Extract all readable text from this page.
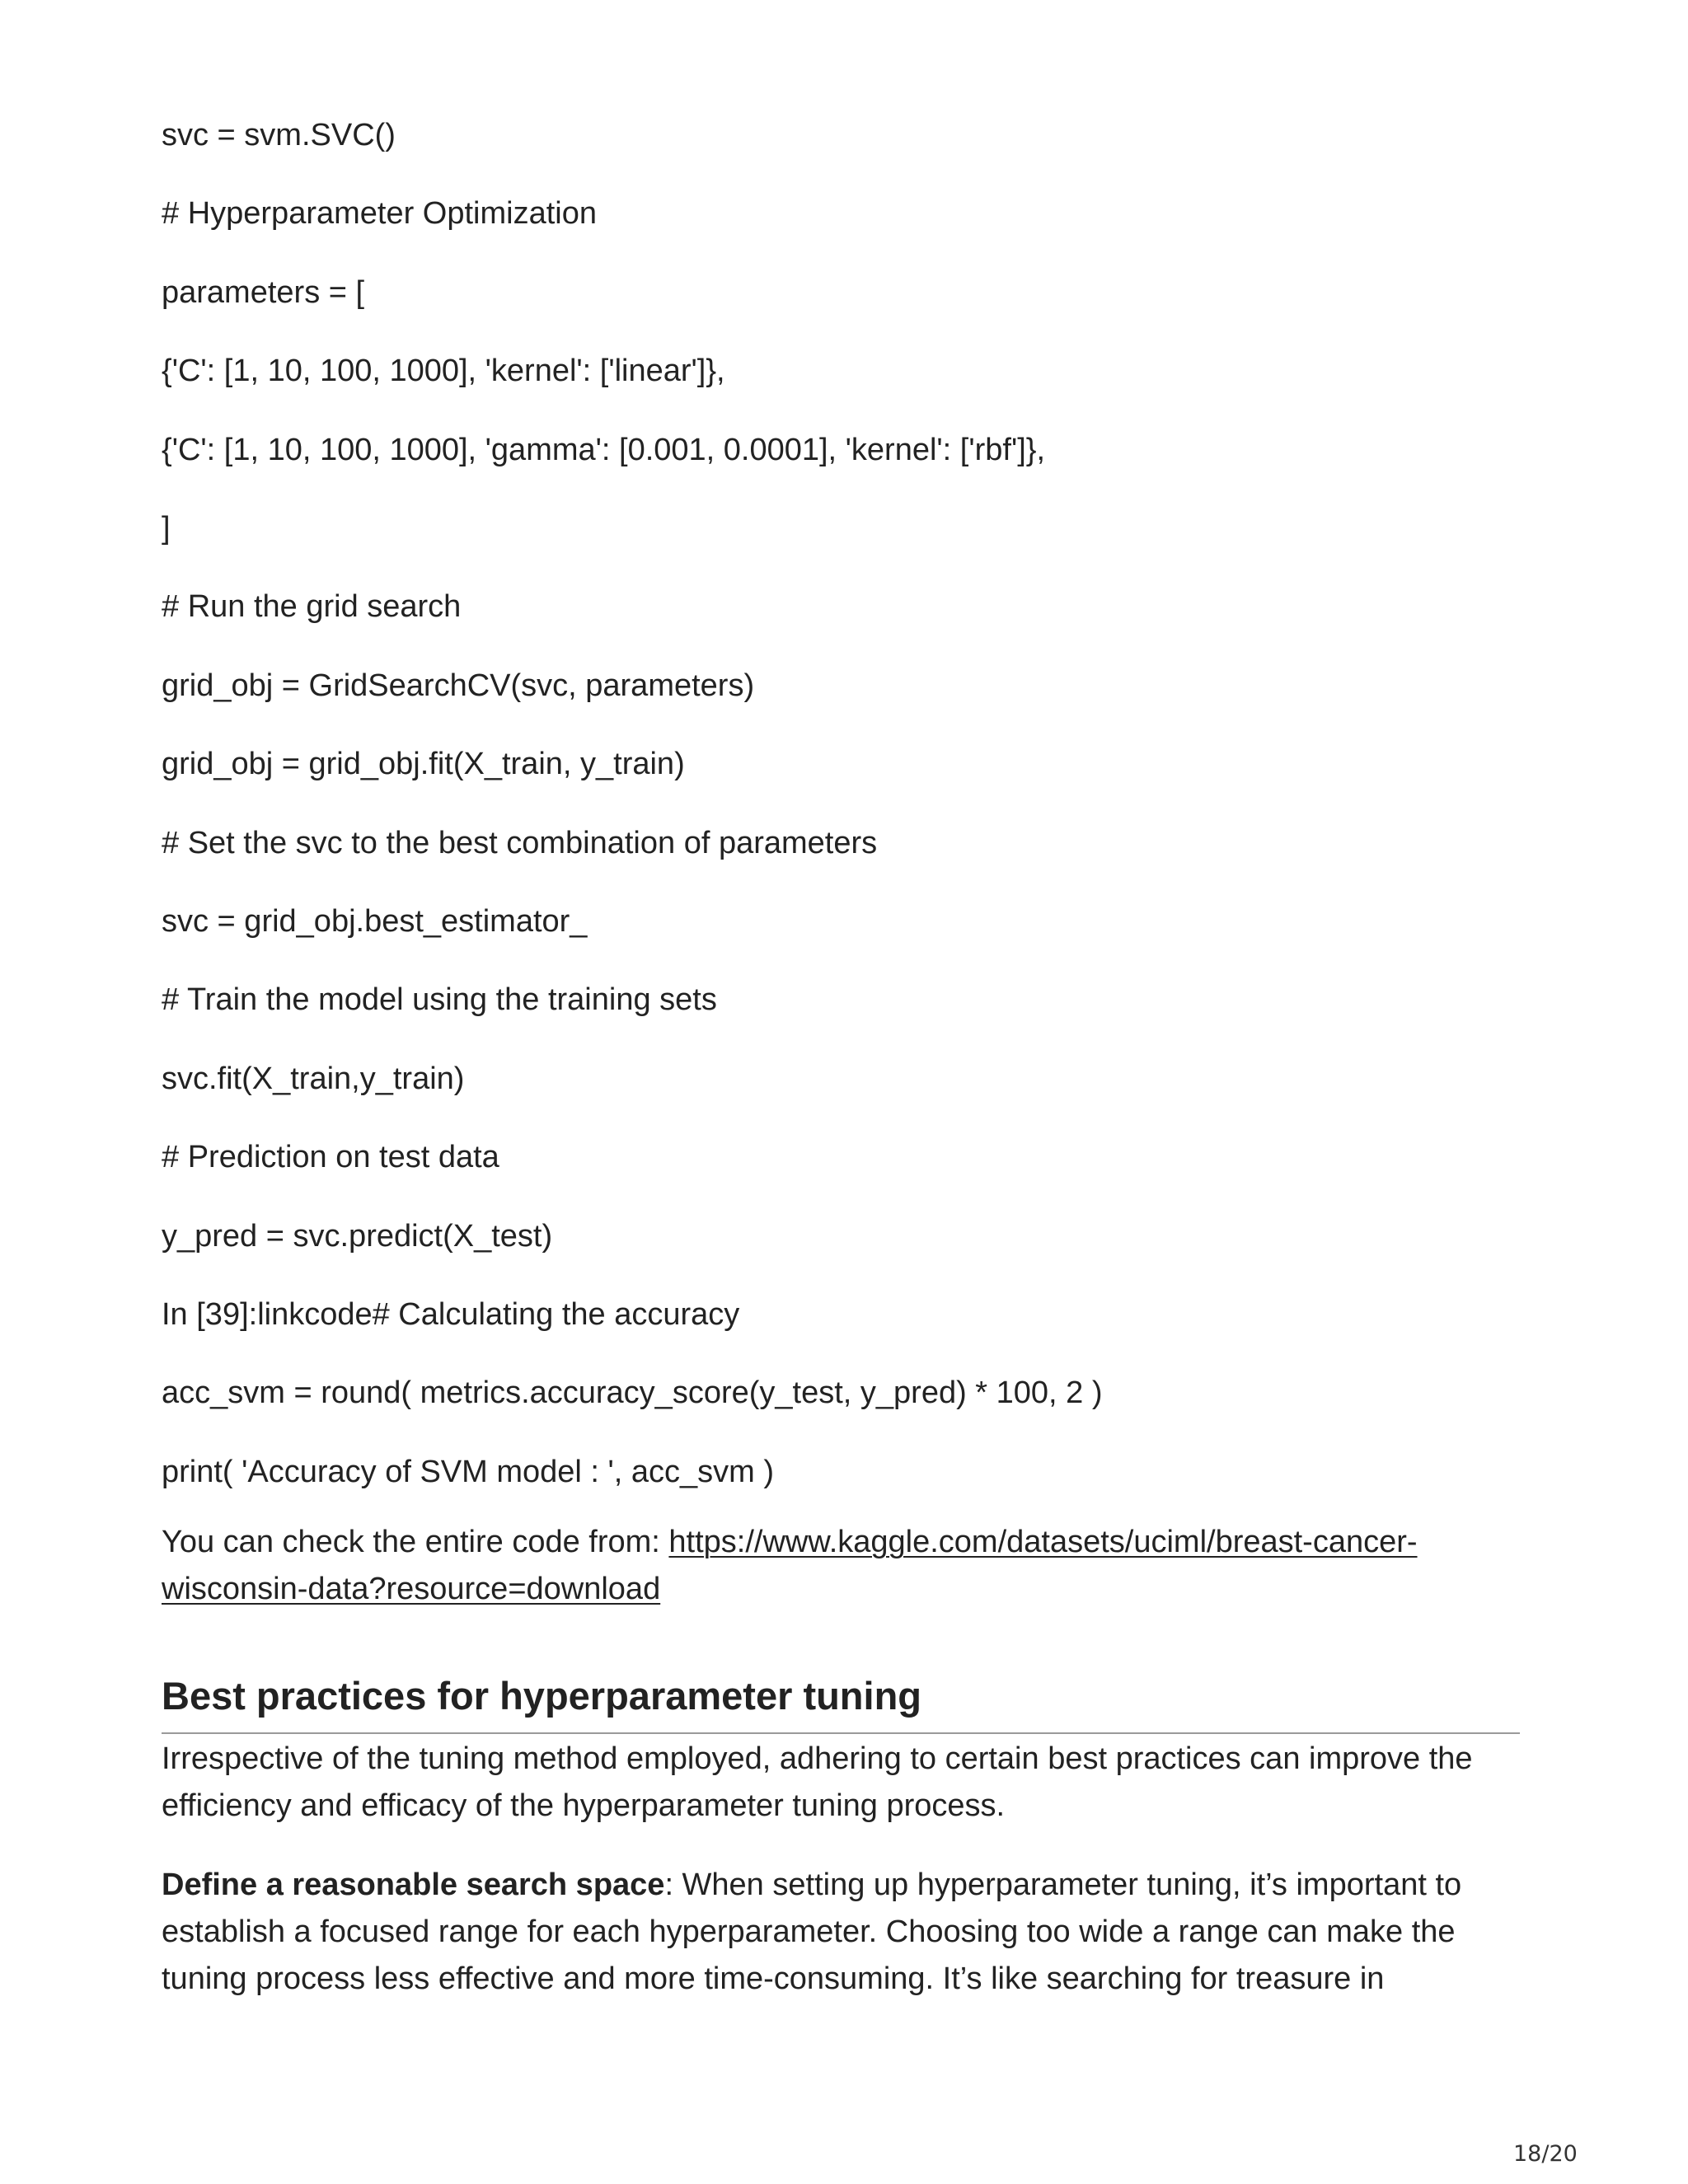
svc = svm.SVC()
# Hyperparameter Optimization
parameters = [
{'C': [1, 10, 100, 1000], 'kernel': ['linear']},
{'C': [1, 10, 100, 1000], 'gamma': [0.001, 0.0001], 'kernel': ['rbf']},
]
# Run the grid search
grid_obj = GridSearchCV(svc, parameters)
grid_obj = grid_obj.fit(X_train, y_train)
# Set the svc to the best combination of parameters
svc = grid_obj.best_estimator_
# Train the model using the training sets
svc.fit(X_train,y_train)
# Prediction on test data
y_pred = svc.predict(X_test)
In [39]:linkcode# Calculating the accuracy
acc_svm = round( metrics.accuracy_score(y_test, y_pred) * 100, 2 )
print( 'Accuracy of SVM model : ', acc_svm )

You can check the entire code from: https://www.kaggle.com/datasets/uciml/breast-cancer-wisconsin-data?resource=download

Best practices for hyperparameter tuning

Irrespective of the tuning method employed, adhering to certain best practices can improve the efficiency and efficacy of the hyperparameter tuning process.

Define a reasonable search space: When setting up hyperparameter tuning, it’s important to establish a focused range for each hyperparameter. Choosing too wide a range can make the tuning process less effective and more time-consuming. It’s like searching for treasure in

18/20
